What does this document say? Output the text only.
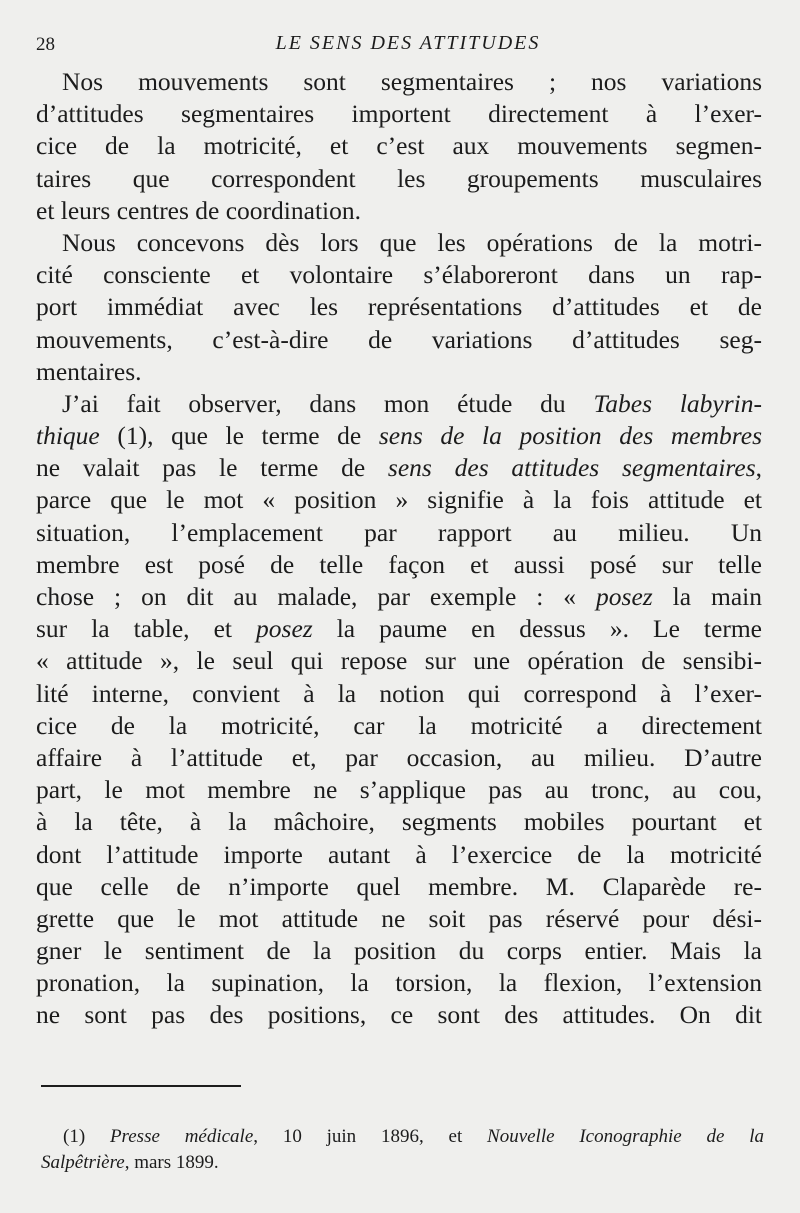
28	LE SENS DES ATTITUDES
Nos mouvements sont segmentaires ; nos variations
d’attitudes segmentaires importent directement à l’exer-
cice de la motricité, et c’est aux mouvements segmen-
taires que correspondent les groupements musculaires
et leurs centres de coordination.
Nous concevons dès lors que les opérations de la motri-
cité consciente et volontaire s’élaboreront dans un rap-
port immédiat avec les représentations d’attitudes et de
mouvements, c’est-à-dire de variations d’attitudes seg-
mentaires.
J’ai fait observer, dans mon étude du Tabes labyrin-
thique (1), que le terme de sens de la position des membres
ne valait pas le terme de sens des attitudes segmentaires,
parce que le mot « position » signifie à la fois attitude et
situation, l’emplacement par rapport au milieu. Un
membre est posé de telle façon et aussi posé sur telle
chose ; on dit au malade, par exemple : « posez la main
sur la table, et posez la paume en dessus ». Le terme
« attitude », le seul qui repose sur une opération de sensibi-
lité interne, convient à la notion qui correspond à l’exer-
cice de la motricité, car la motricité a directement
affaire à l’attitude et, par occasion, au milieu. D’autre
part, le mot membre ne s’applique pas au tronc, au cou,
à la tête, à la mâchoire, segments mobiles pourtant et
dont l’attitude importe autant à l’exercice de la motricité
que celle de n’importe quel membre. M. Claparède re-
grette que le mot attitude ne soit pas réservé pour dési-
gner le sentiment de la position du corps entier. Mais la
pronation, la supination, la torsion, la flexion, l’extension
ne sont pas des positions, ce sont des attitudes. On dit
(1) Presse médicale, 10 juin 1896, et Nouvelle Iconographie de la
Salpêtrière, mars 1899.
